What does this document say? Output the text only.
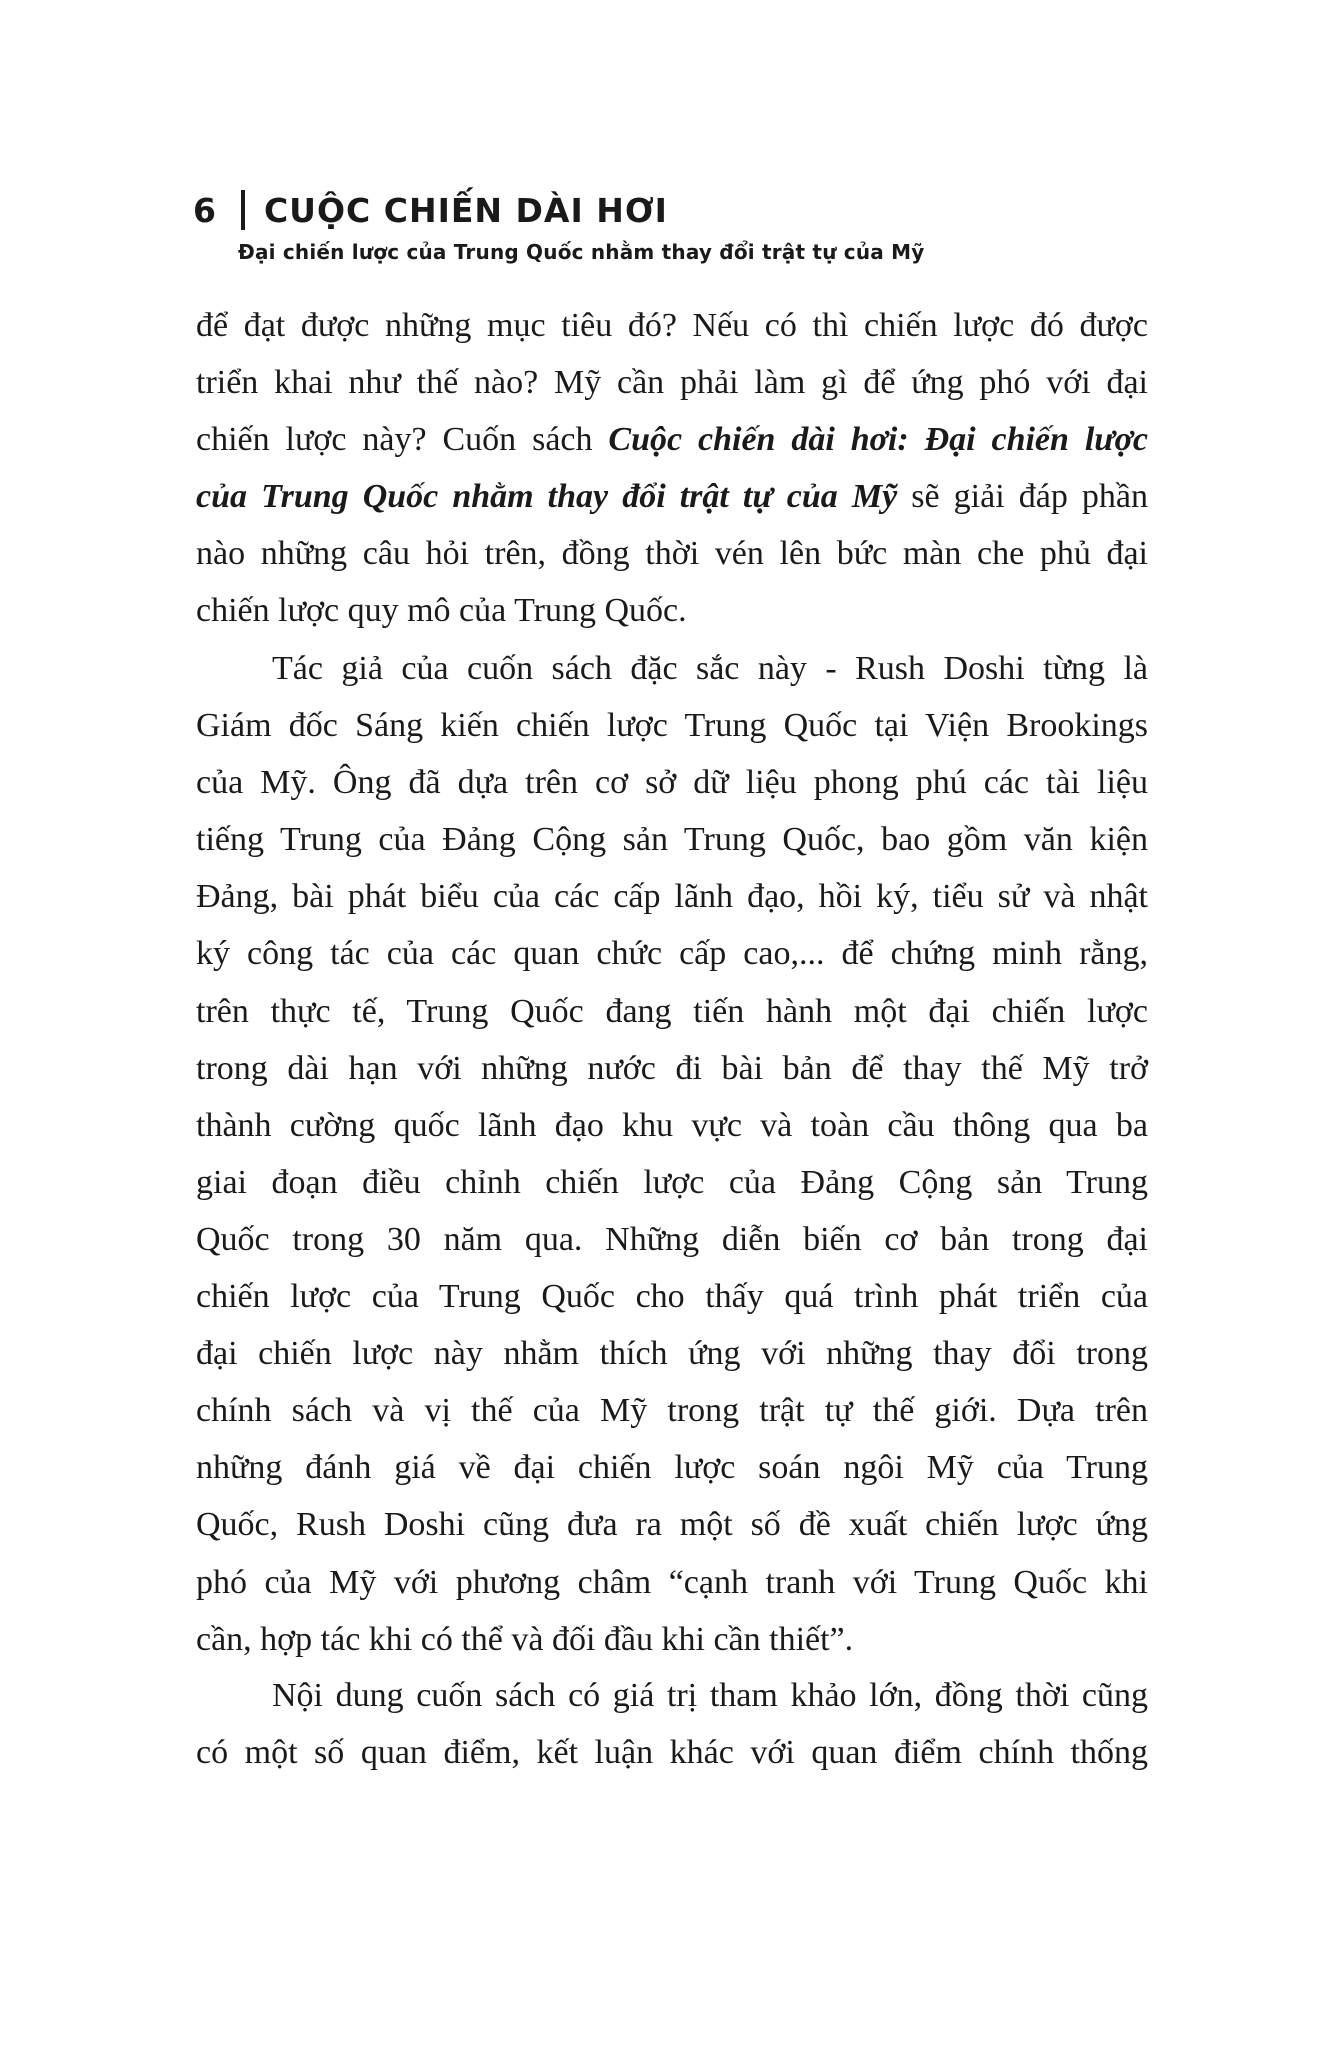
6 CUỘC CHIẾN DÀI HƠI
Đại chiến lược của Trung Quốc nhằm thay đổi trật tự của Mỹ
để đạt được những mục tiêu đó? Nếu có thì chiến lược đó được
triển khai như thế nào? Mỹ cần phải làm gì để ứng phó với đại
chiến lược này? Cuốn sách Cuộc chiến dài hơi: Đại chiến lược
của Trung Quốc nhằm thay đổi trật tự của Mỹ sẽ giải đáp phần
nào những câu hỏi trên, đồng thời vén lên bức màn che phủ đại
chiến lược quy mô của Trung Quốc.
Tác giả của cuốn sách đặc sắc này - Rush Doshi từng là
Giám đốc Sáng kiến chiến lược Trung Quốc tại Viện Brookings
của Mỹ. Ông đã dựa trên cơ sở dữ liệu phong phú các tài liệu
tiếng Trung của Đảng Cộng sản Trung Quốc, bao gồm văn kiện
Đảng, bài phát biểu của các cấp lãnh đạo, hồi ký, tiểu sử và nhật
ký công tác của các quan chức cấp cao,... để chứng minh rằng,
trên thực tế, Trung Quốc đang tiến hành một đại chiến lược
trong dài hạn với những nước đi bài bản để thay thế Mỹ trở
thành cường quốc lãnh đạo khu vực và toàn cầu thông qua ba
giai đoạn điều chỉnh chiến lược của Đảng Cộng sản Trung
Quốc trong 30 năm qua. Những diễn biến cơ bản trong đại
chiến lược của Trung Quốc cho thấy quá trình phát triển của
đại chiến lược này nhằm thích ứng với những thay đổi trong
chính sách và vị thế của Mỹ trong trật tự thế giới. Dựa trên
những đánh giá về đại chiến lược soán ngôi Mỹ của Trung
Quốc, Rush Doshi cũng đưa ra một số đề xuất chiến lược ứng
phó của Mỹ với phương châm “cạnh tranh với Trung Quốc khi
cần, hợp tác khi có thể và đối đầu khi cần thiết”.
Nội dung cuốn sách có giá trị tham khảo lớn, đồng thời cũng
có một số quan điểm, kết luận khác với quan điểm chính thống
